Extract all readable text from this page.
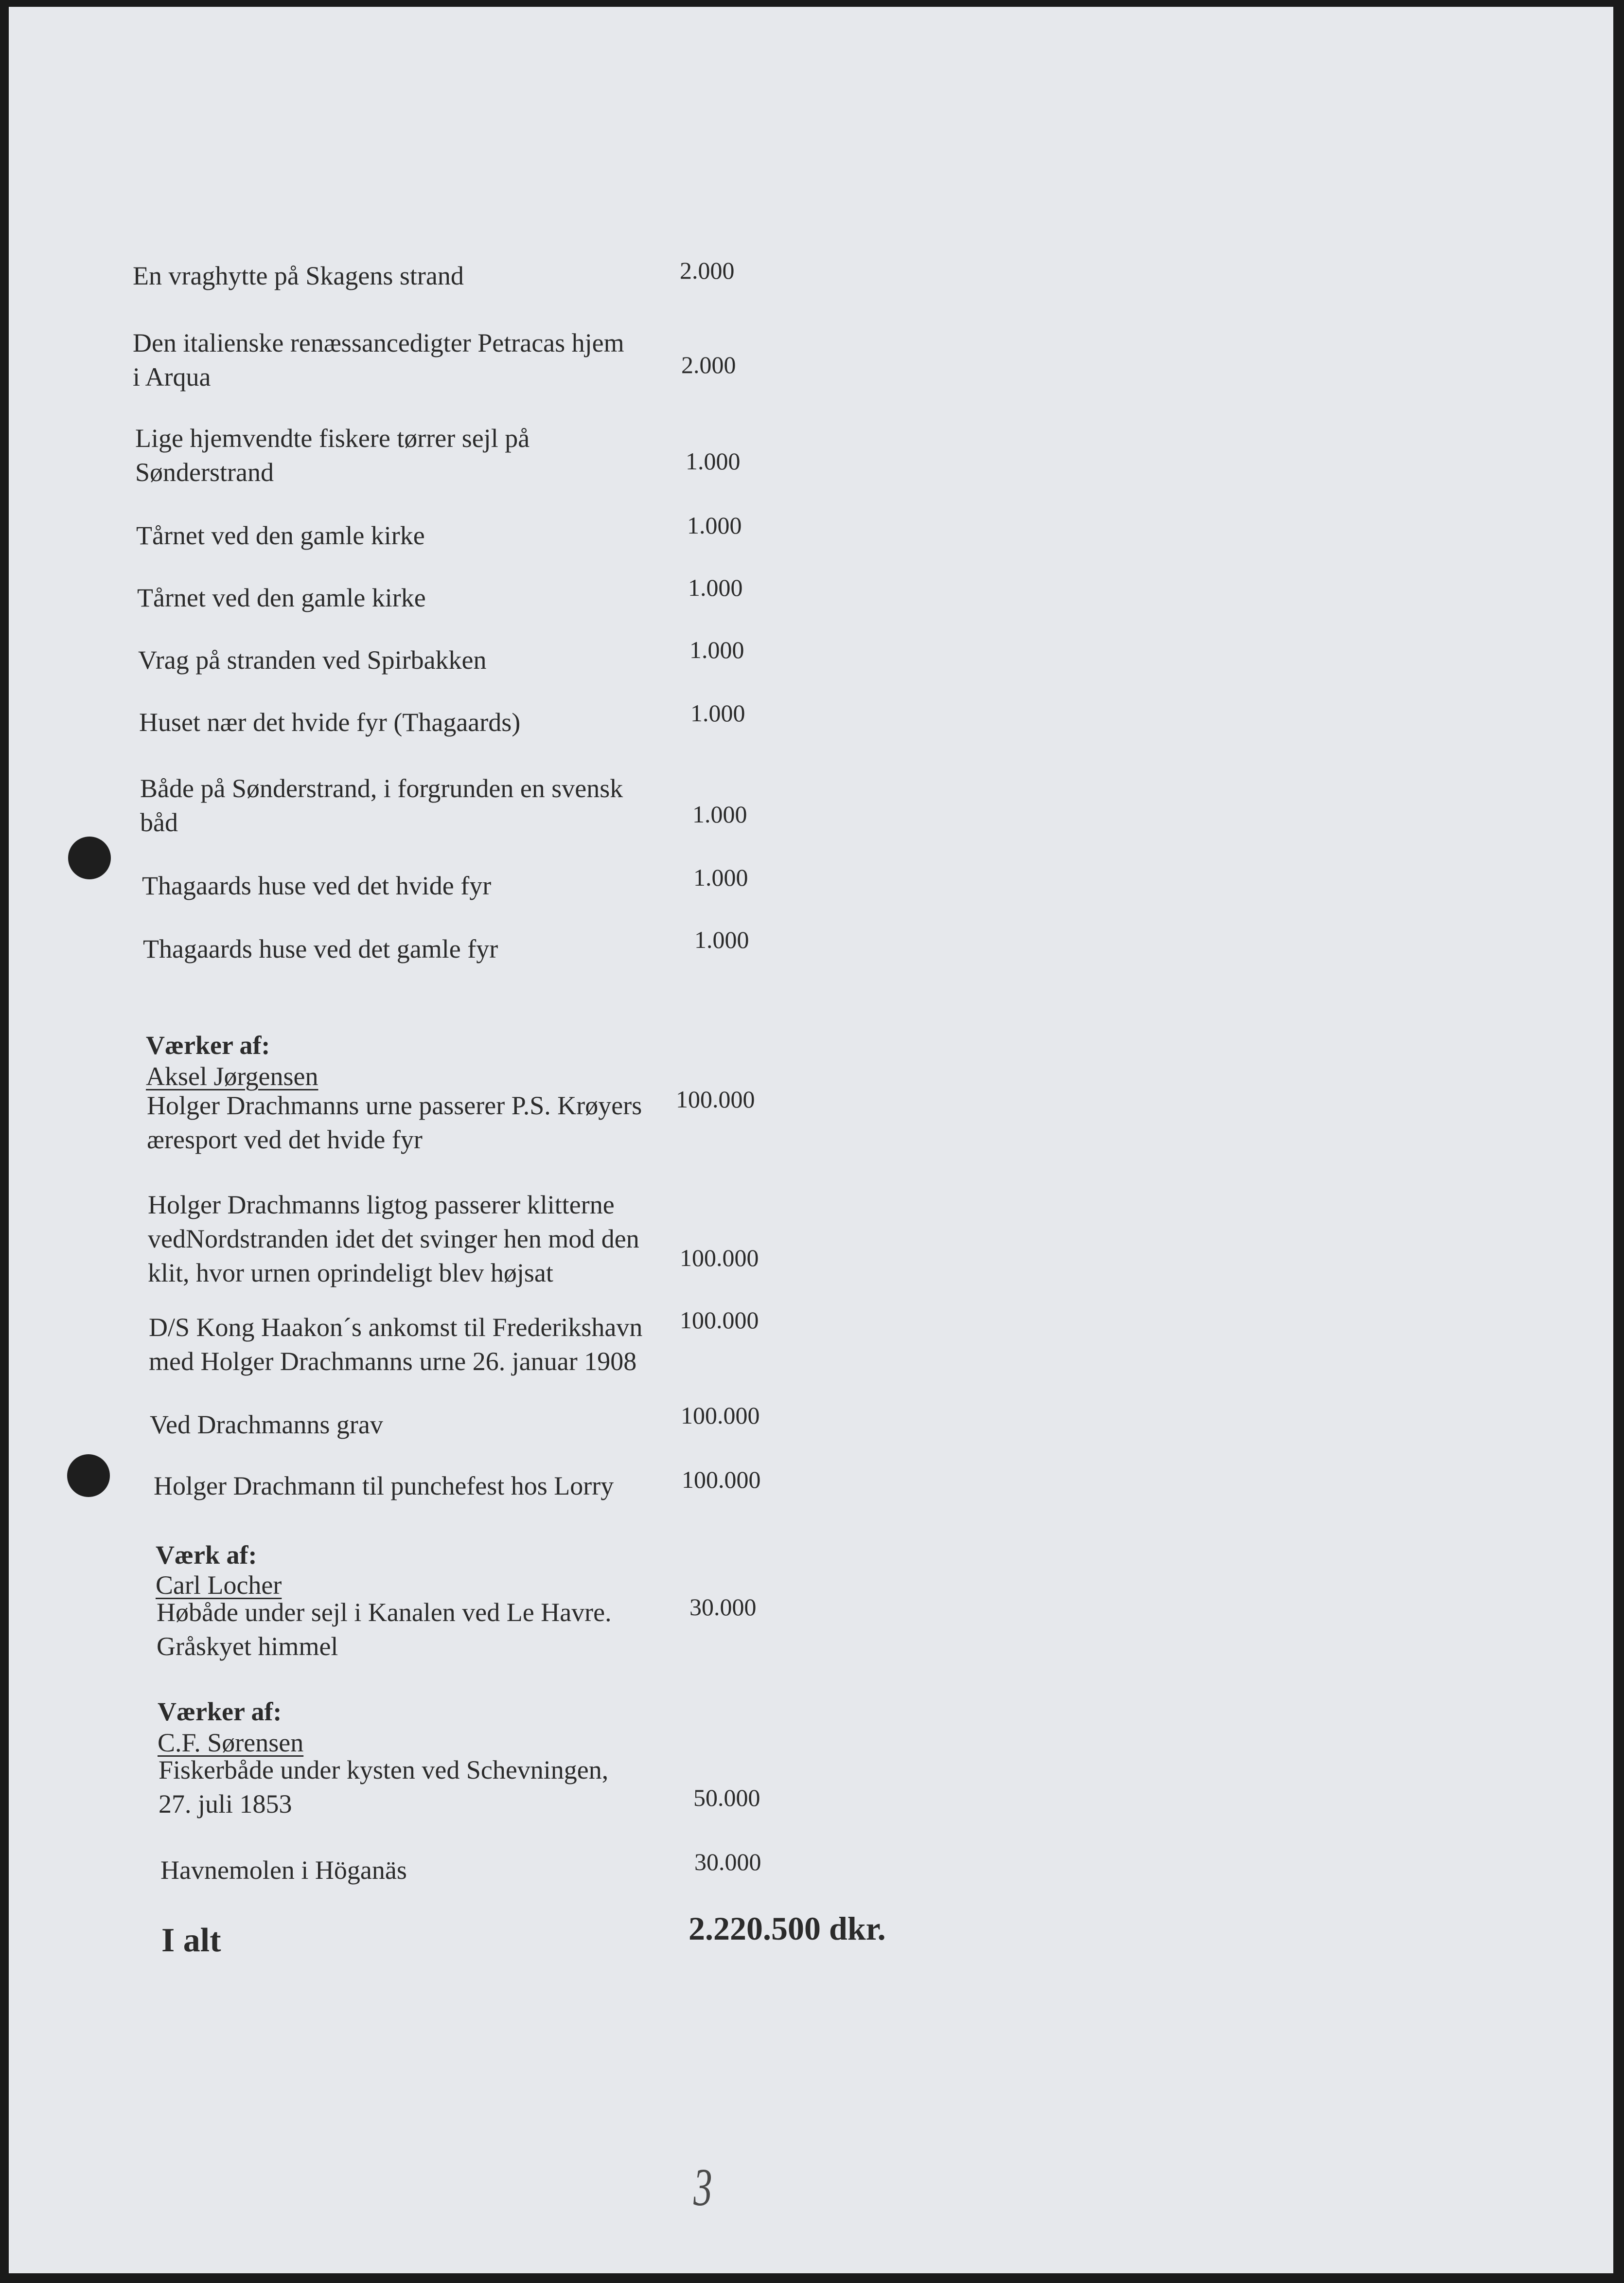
En vraghytte på Skagens strand	2.000
Den italienske renæssancedigter Petracas hjem
i Arqua	2.000
Lige hjemvendte fiskere tørrer sejl på
Sønderstrand	1.000
Tårnet ved den gamle kirke	1.000
Tårnet ved den gamle kirke	1.000
Vrag på stranden ved Spirbakken	1.000
Huset nær det hvide fyr (Thagaards)	1.000
Både på Sønderstrand, i forgrunden en svensk
båd	1.000
Thagaards huse ved det hvide fyr	1.000
Thagaards huse ved det gamle fyr	1.000
Værker af:
Aksel Jørgensen
Holger Drachmanns urne passerer P.S. Krøyers
æresport ved det hvide fyr
100.000
Holger Drachmanns ligtog passerer klitterne
vedNordstranden idet det svinger hen mod den
klit, hvor urnen oprindeligt blev højsat
100.000
D/S Kong Haakon´s ankomst til Frederikshavn
med Holger Drachmanns urne 26. januar 1908
100.000
Ved Drachmanns grav	100.000
Holger Drachmann til punchefest hos Lorry	100.000
Værk af:
Carl Locher
Høbåde under sejl i Kanalen ved Le Havre.
Gråskyet himmel
30.000
Værker af:
C.F. Sørensen
Fiskerbåde under kysten ved Schevningen,
27. juli 1853	50.000
Havnemolen i Höganäs	30.000
I alt	2.220.500 dkr.
3
